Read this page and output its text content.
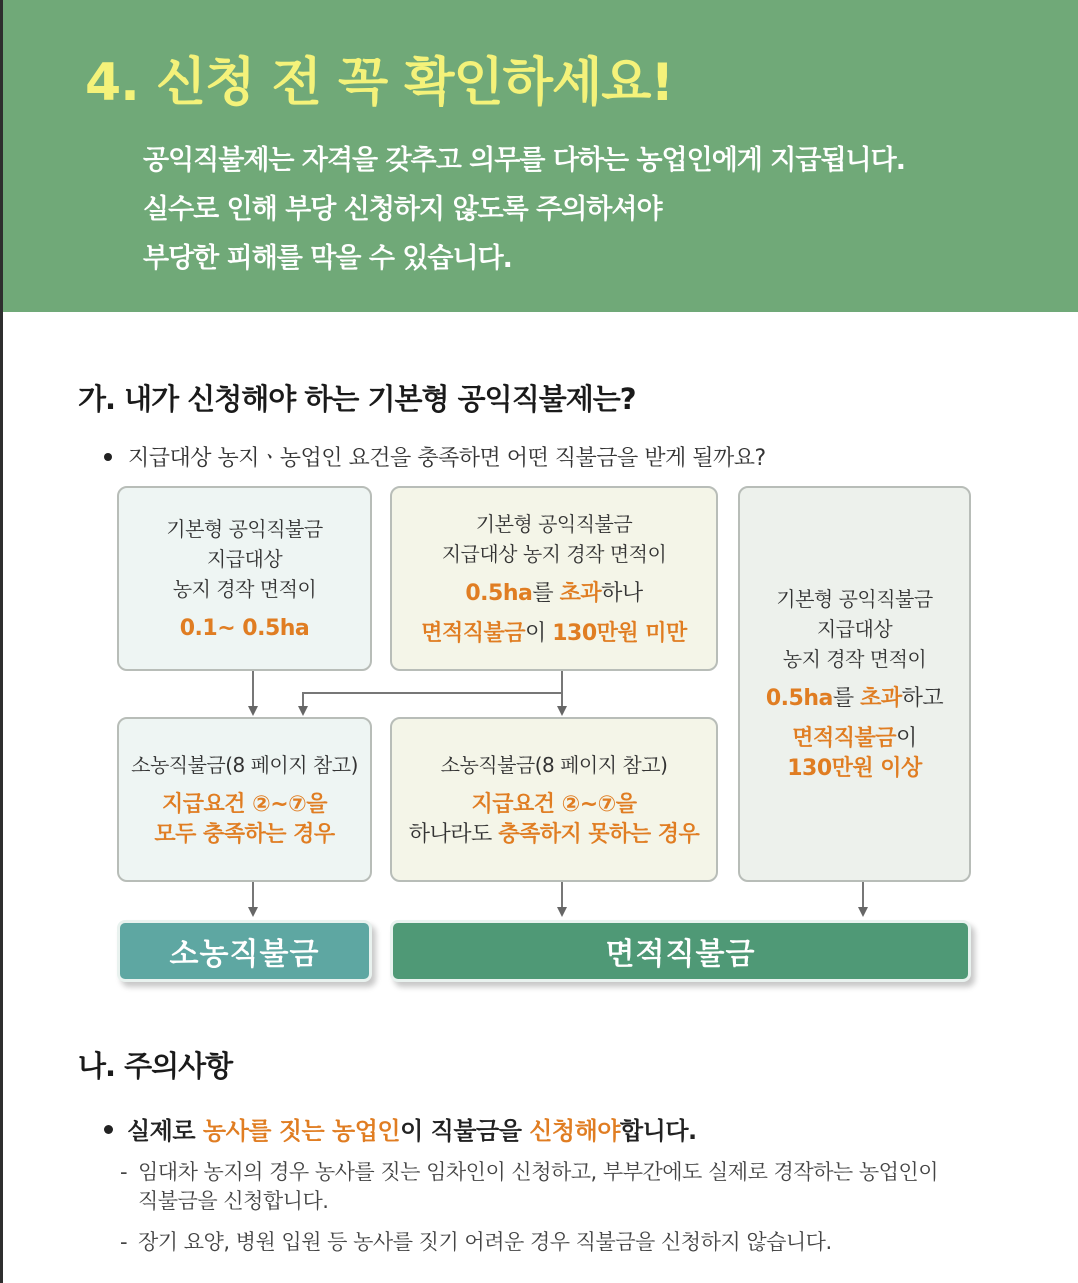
4. 신청 전 꼭 확인하세요!
공익직불제는 자격을 갖추고 의무를 다하는 농업인에게 지급됩니다.
실수로 인해 부당 신청하지 않도록 주의하셔야
부당한 피해를 막을 수 있습니다.
가. 내가 신청해야 하는 기본형 공익직불제는?
지급대상 농지ㆍ농업인 요건을 충족하면 어떤 직불금을 받게 될까요?
기본형 공익직불금
지급대상
농지 경작 면적이
0.1~ 0.5ha
기본형 공익직불금
지급대상 농지 경작 면적이
0.5ha를 초과하나
면적직불금이 130만원 미만
기본형 공익직불금
지급대상
농지 경작 면적이
0.5ha를 초과하고
면적직불금이
130만원 이상
소농직불금(8 페이지 참고)
지급요건 ②~⑦을
모두 충족하는 경우
소농직불금(8 페이지 참고)
지급요건 ②~⑦을
하나라도 충족하지 못하는 경우
소농직불금	면적직불금
나. 주의사항
실제로 농사를 짓는 농업인이 직불금을 신청해야합니다.
- 임대차 농지의 경우 농사를 짓는 임차인이 신청하고, 부부간에도 실제로 경작하는 농업인이
직불금을 신청합니다.
- 장기 요양, 병원 입원 등 농사를 짓기 어려운 경우 직불금을 신청하지 않습니다.
